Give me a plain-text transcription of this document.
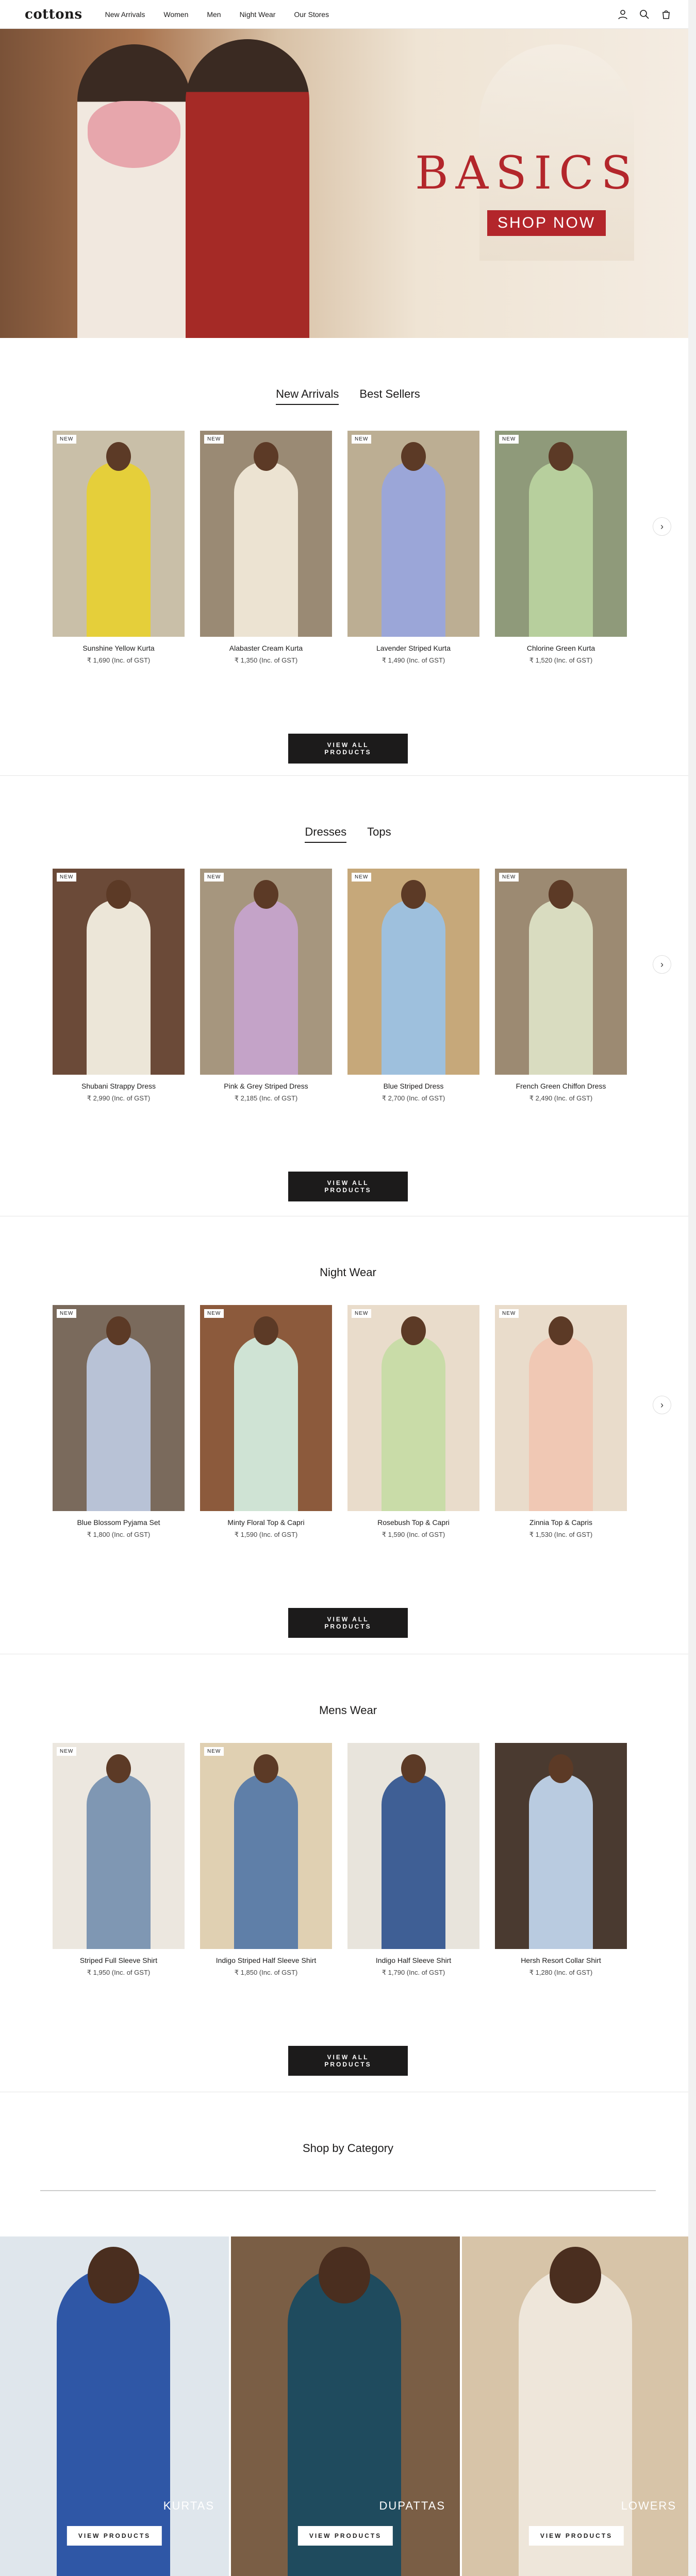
cottons	New Arrivals	Women	Men	Night Wear	Our Stores
BASICS
SHOP NOW
New Arrivals Best Sellers
NEW
Sunshine Yellow Kurta
₹ 1,690 (Inc. of GST)
NEW
Alabaster Cream Kurta
₹ 1,350 (Inc. of GST)
NEW
Lavender Striped Kurta
₹ 1,490 (Inc. of GST)
NEW
Chlorine Green Kurta
₹ 1,520 (Inc. of GST)
›
VIEW ALL PRODUCTS
Dresses Tops
NEW
Shubani Strappy Dress
₹ 2,990 (Inc. of GST)
NEW
Pink & Grey Striped Dress
₹ 2,185 (Inc. of GST)
NEW
Blue Striped Dress
₹ 2,700 (Inc. of GST)
NEW
French Green Chiffon Dress
₹ 2,490 (Inc. of GST)
›
VIEW ALL PRODUCTS
Night Wear
NEW
Blue Blossom Pyjama Set
₹ 1,800 (Inc. of GST)
NEW
Minty Floral Top & Capri
₹ 1,590 (Inc. of GST)
NEW
Rosebush Top & Capri
₹ 1,590 (Inc. of GST)
NEW
Zinnia Top & Capris
₹ 1,530 (Inc. of GST)
›
VIEW ALL PRODUCTS
Mens Wear
NEW
Striped Full Sleeve Shirt
₹ 1,950 (Inc. of GST)
NEW
Indigo Striped Half Sleeve Shirt
₹ 1,850 (Inc. of GST)
Indigo Half Sleeve Shirt
₹ 1,790 (Inc. of GST)
Hersh Resort Collar Shirt
₹ 1,280 (Inc. of GST)
VIEW ALL PRODUCTS
Shop by Category
KURTAS
VIEW PRODUCTS
DUPATTAS
VIEW PRODUCTS
LOWERS
VIEW PRODUCTS
